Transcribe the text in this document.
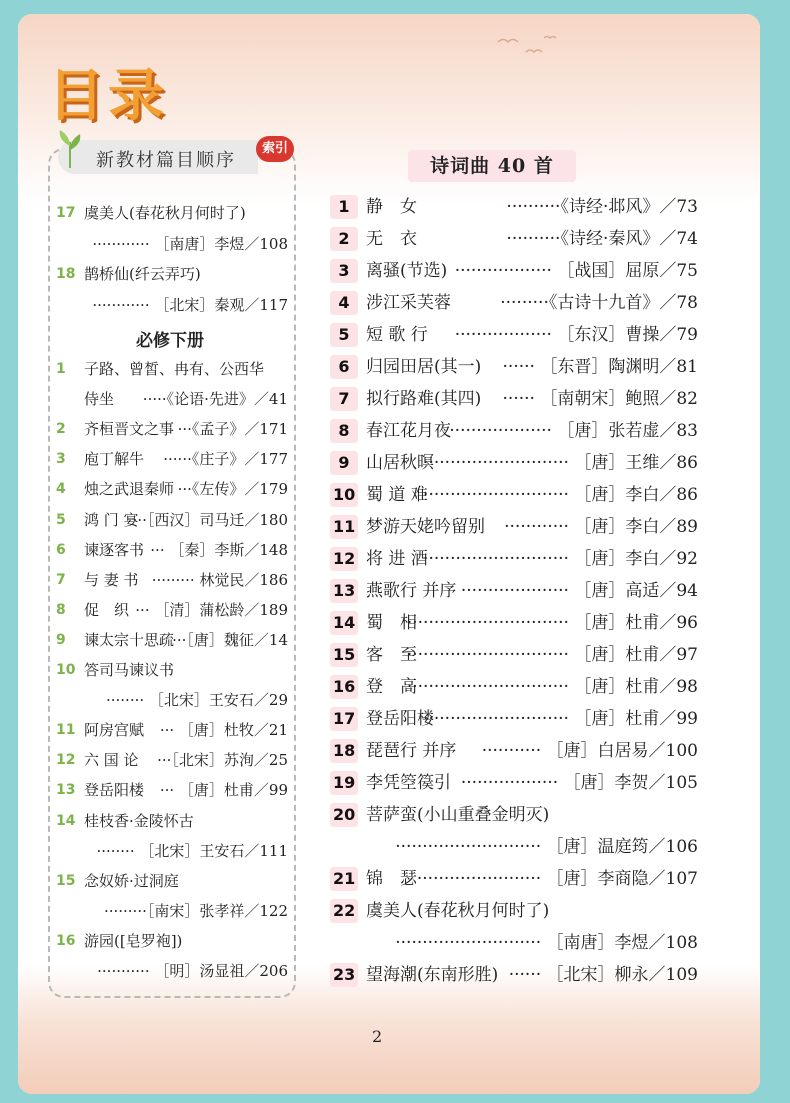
目录
新教材篇目顺序
索引
17 虞美人(春花秋月何时了)
············ ［南唐］李煜／108
18 鹊桥仙(纤云弄巧)
············ ［北宋］秦观／117
必修下册
1 子路、曾皙、冉有、公西华
侍坐 ·····《论语·先进》／41
2 齐桓晋文之事 ···《孟子》／171
3 庖丁解牛 ······《庄子》／177
4 烛之武退秦师 ···《左传》／179
5 鸿 门 宴
···［西汉］司马迁／180
6 谏逐客书 ··· ［秦］李斯／148
7 与 妻 书 ········· 林觉民／186
8 促　织 ··· ［清］蒲松龄／189
9 谏太宗十思疏
···［唐］魏征／14
10 答司马谏议书
········ ［北宋］王安石／29
11 阿房宫赋 ··· ［唐］杜牧／21
12 六 国 论 ···［北宋］苏洵／25
13 登岳阳楼 ··· ［唐］杜甫／99
14 桂枝香·金陵怀古
········ ［北宋］王安石／111
15 念奴娇·过洞庭
·········［南宋］张孝祥／122
16 游园([皂罗袍])
··········· ［明］汤显祖／206
诗词曲 40 首
1 静　女	··········《诗经·邶风》／73
2 无　衣	··········《诗经·秦风》／74
3 离骚(节选) ·················· ［战国］屈原／75
4 涉江采芙蓉	·········《古诗十九首》／78
5 短 歌 行 ·················· ［东汉］曹操／79
6 归园田居(其一) ······ ［东晋］陶渊明／81
7 拟行路难(其四) ······ ［南朝宋］鲍照／82
8 春江花月夜
··················· ［唐］张若虚／83
9 山居秋暝
··························· ［唐］王维／86
10 蜀 道 难
··························· ［唐］李白／86
11 梦游天姥吟留别 ············ ［唐］李白／89
12 将 进 酒
··························· ［唐］李白／92
13 燕歌行 并序 ···················· ［唐］高适／94
14 蜀　相
······························ ［唐］杜甫／96
15 客　至
······························ ［唐］杜甫／97
16 登　高
······························ ［唐］杜甫／98
17 登岳阳楼
··························· ［唐］杜甫／99
18 琵琶行 并序 ··········· ［唐］白居易／100
19 李凭箜篌引 ·················· ［唐］李贺／105
20 菩萨蛮(小山重叠金明灭)
··························· ［唐］温庭筠／106
21 锦　瑟 ······················· ［唐］李商隐／107
22 虞美人(春花秋月何时了)
··························· ［南唐］李煜／108
23 望海潮(东南形胜) ······ ［北宋］柳永／109
2
